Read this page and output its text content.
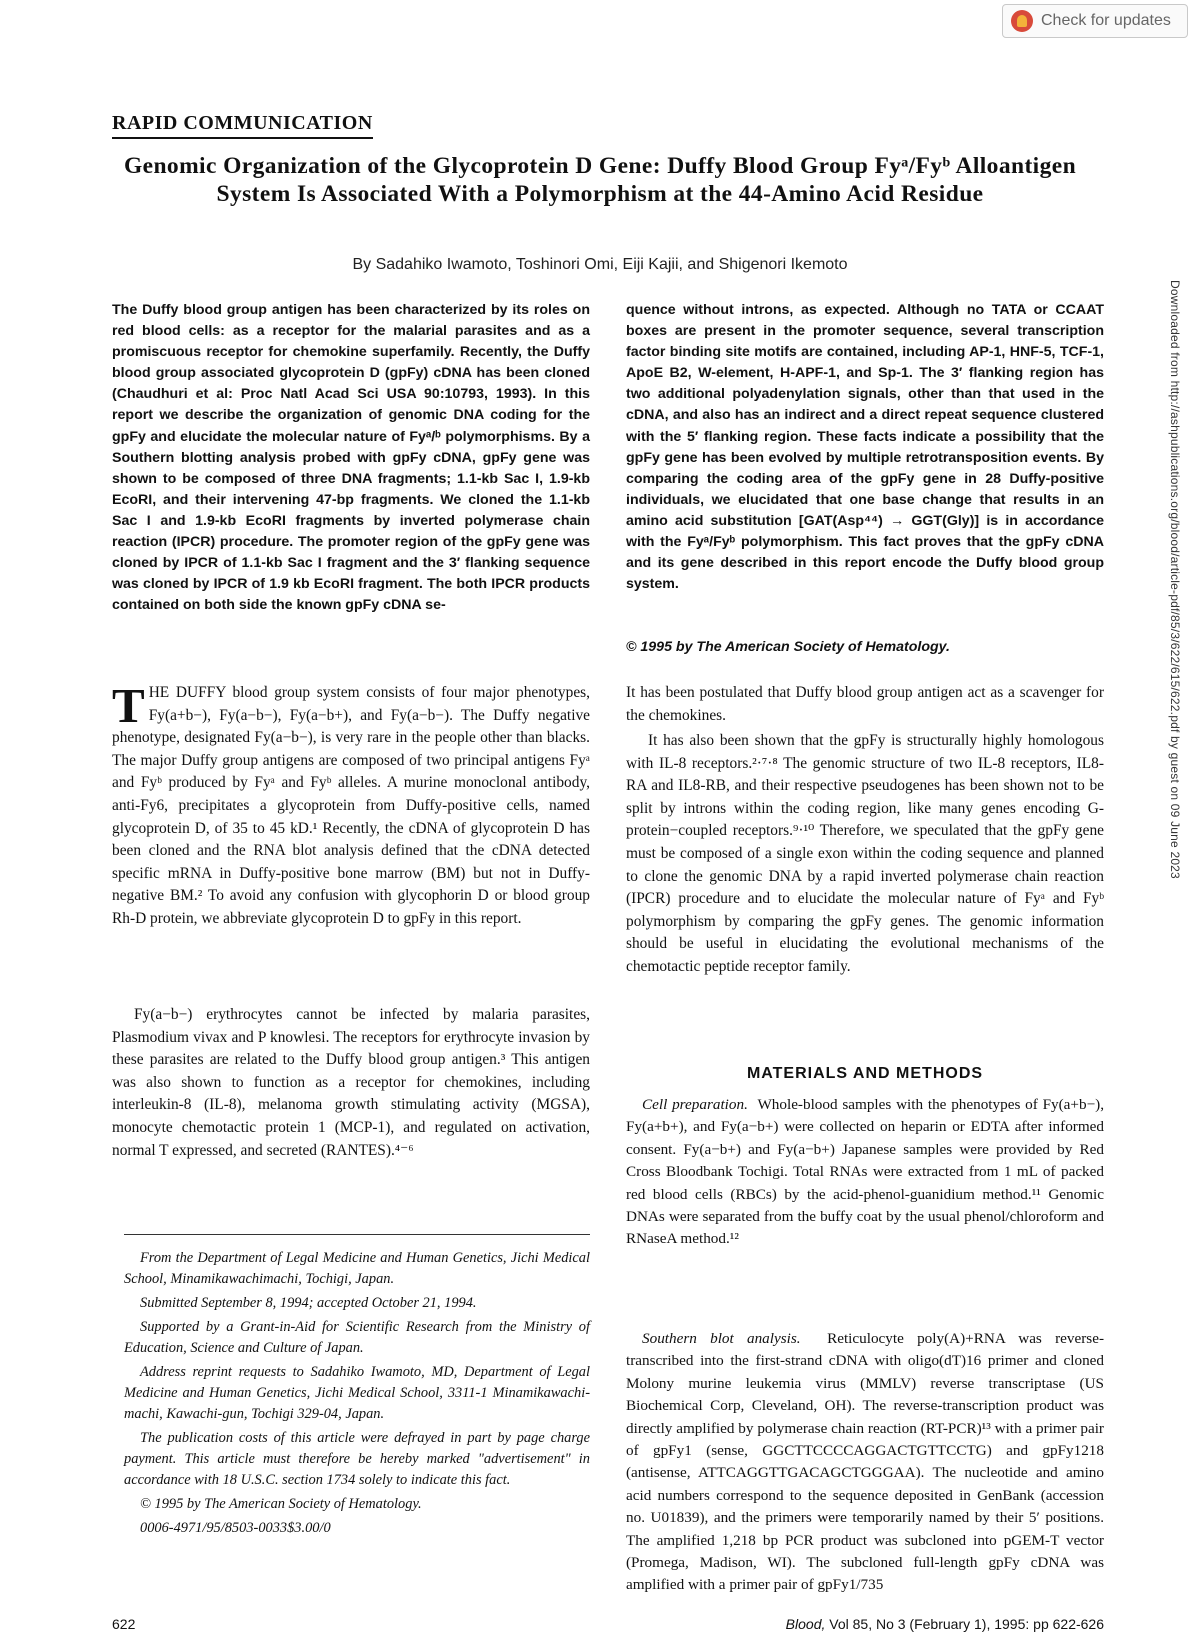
Check for updates
RAPID COMMUNICATION
Genomic Organization of the Glycoprotein D Gene: Duffy Blood Group Fyᵃ/Fyᵇ Alloantigen System Is Associated With a Polymorphism at the 44-Amino Acid Residue
By Sadahiko Iwamoto, Toshinori Omi, Eiji Kajii, and Shigenori Ikemoto

The Duffy blood group antigen has been characterized by its roles on red blood cells: as a receptor for the malarial parasites and as a promiscuous receptor for chemokine superfamily. Recently, the Duffy blood group associated glycoprotein D (gpFy) cDNA has been cloned (Chaudhuri et al: Proc Natl Acad Sci USA 90:10793, 1993). In this report we describe the organization of genomic DNA coding for the gpFy and elucidate the molecular nature of Fyᵃ/ᵇ polymorphisms. By a Southern blotting analysis probed with gpFy cDNA, gpFy gene was shown to be composed of three DNA fragments; 1.1-kb Sac I, 1.9-kb EcoRI, and their intervening 47-bp fragments. We cloned the 1.1-kb Sac I and 1.9-kb EcoRI fragments by inverted polymerase chain reaction (IPCR) procedure. The promoter region of the gpFy gene was cloned by IPCR of 1.1-kb Sac I fragment and the 3′ flanking sequence was cloned by IPCR of 1.9 kb EcoRI fragment. The both IPCR products contained on both side the known gpFy cDNA se-

quence without introns, as expected. Although no TATA or CCAAT boxes are present in the promoter sequence, several transcription factor binding site motifs are contained, including AP-1, HNF-5, TCF-1, ApoE B2, W-element, H-APF-1, and Sp-1. The 3′ flanking region has two additional polyadenylation signals, other than that used in the cDNA, and also has an indirect and a direct repeat sequence clustered with the 5′ flanking region. These facts indicate a possibility that the gpFy gene has been evolved by multiple retrotransposition events. By comparing the coding area of the gpFy gene in 28 Duffy-positive individuals, we elucidated that one base change that results in an amino acid substitution [GAT(Asp⁴⁴) → GGT(Gly)] is in accordance with the Fyᵃ/Fyᵇ polymorphism. This fact proves that the gpFy cDNA and its gene described in this report encode the Duffy blood group system.

© 1995 by The American Society of Hematology.

THE DUFFY blood group system consists of four major phenotypes, Fy(a+b−), Fy(a−b−), Fy(a−b+), and Fy(a−b−). The Duffy negative phenotype, designated Fy(a−b−), is very rare in the people other than blacks. The major Duffy group antigens are composed of two principal antigens Fyᵃ and Fyᵇ produced by Fyᵃ and Fyᵇ alleles. A murine monoclonal antibody, anti-Fy6, precipitates a glycoprotein from Duffy-positive cells, named glycoprotein D, of 35 to 45 kD.¹ Recently, the cDNA of glycoprotein D has been cloned and the RNA blot analysis defined that the cDNA detected specific mRNA in Duffy-positive bone marrow (BM) but not in Duffy-negative BM.² To avoid any confusion with glycophorin D or blood group Rh-D protein, we abbreviate glycoprotein D to gpFy in this report.

Fy(a−b−) erythrocytes cannot be infected by malaria parasites, Plasmodium vivax and P knowlesi. The receptors for erythrocyte invasion by these parasites are related to the Duffy blood group antigen.³ This antigen was also shown to function as a receptor for chemokines, including interleukin-8 (IL-8), melanoma growth stimulating activity (MGSA), monocyte chemotactic protein 1 (MCP-1), and regulated on activation, normal T expressed, and secreted (RANTES).⁴⁻⁶

It has been postulated that Duffy blood group antigen act as a scavenger for the chemokines.

It has also been shown that the gpFy is structurally highly homologous with IL-8 receptors.²·⁷·⁸ The genomic structure of two IL-8 receptors, IL8-RA and IL8-RB, and their respective pseudogenes has been shown not to be split by introns within the coding region, like many genes encoding G-protein−coupled receptors.⁹·¹⁰ Therefore, we speculated that the gpFy gene must be composed of a single exon within the coding sequence and planned to clone the genomic DNA by a rapid inverted polymerase chain reaction (IPCR) procedure and to elucidate the molecular nature of Fyᵃ and Fyᵇ polymorphism by comparing the gpFy genes. The genomic information should be useful in elucidating the evolutional mechanisms of the chemotactic peptide receptor family.

From the Department of Legal Medicine and Human Genetics, Jichi Medical School, Minamikawachimachi, Tochigi, Japan.

Submitted September 8, 1994; accepted October 21, 1994.

Supported by a Grant-in-Aid for Scientific Research from the Ministry of Education, Science and Culture of Japan.

Address reprint requests to Sadahiko Iwamoto, MD, Department of Legal Medicine and Human Genetics, Jichi Medical School, 3311-1 Minamikawachi-machi, Kawachi-gun, Tochigi 329-04, Japan.

The publication costs of this article were defrayed in part by page charge payment. This article must therefore be hereby marked "advertisement" in accordance with 18 U.S.C. section 1734 solely to indicate this fact.

© 1995 by The American Society of Hematology.

0006-4971/95/8503-0033$3.00/0

MATERIALS AND METHODS

Cell preparation. Whole-blood samples with the phenotypes of Fy(a+b−), Fy(a+b+), and Fy(a−b+) were collected on heparin or EDTA after informed consent. Fy(a−b+) and Fy(a−b+) Japanese samples were provided by Red Cross Bloodbank Tochigi. Total RNAs were extracted from 1 mL of packed red blood cells (RBCs) by the acid-phenol-guanidium method.¹¹ Genomic DNAs were separated from the buffy coat by the usual phenol/chloroform and RNaseA method.¹²

Southern blot analysis. Reticulocyte poly(A)+RNA was reverse-transcribed into the first-strand cDNA with oligo(dT)16 primer and cloned Molony murine leukemia virus (MMLV) reverse transcriptase (US Biochemical Corp, Cleveland, OH). The reverse-transcription product was directly amplified by polymerase chain reaction (RT-PCR)¹³ with a primer pair of gpFy1 (sense, GGCTTCCCCAGGACTGTTCCTG) and gpFy1218 (antisense, ATTCAGGTTGACAGCTGGGAA). The nucleotide and amino acid numbers correspond to the sequence deposited in GenBank (accession no. U01839), and the primers were temporarily named by their 5′ positions. The amplified 1,218 bp PCR product was subcloned into pGEM-T vector (Promega, Madison, WI). The subcloned full-length gpFy cDNA was amplified with a primer pair of gpFy1/735

622	Blood, Vol 85, No 3 (February 1), 1995: pp 622-626
Downloaded from http://ashpublications.org/blood/article-pdf/85/3/622/615/622.pdf by guest on 09 June 2023
